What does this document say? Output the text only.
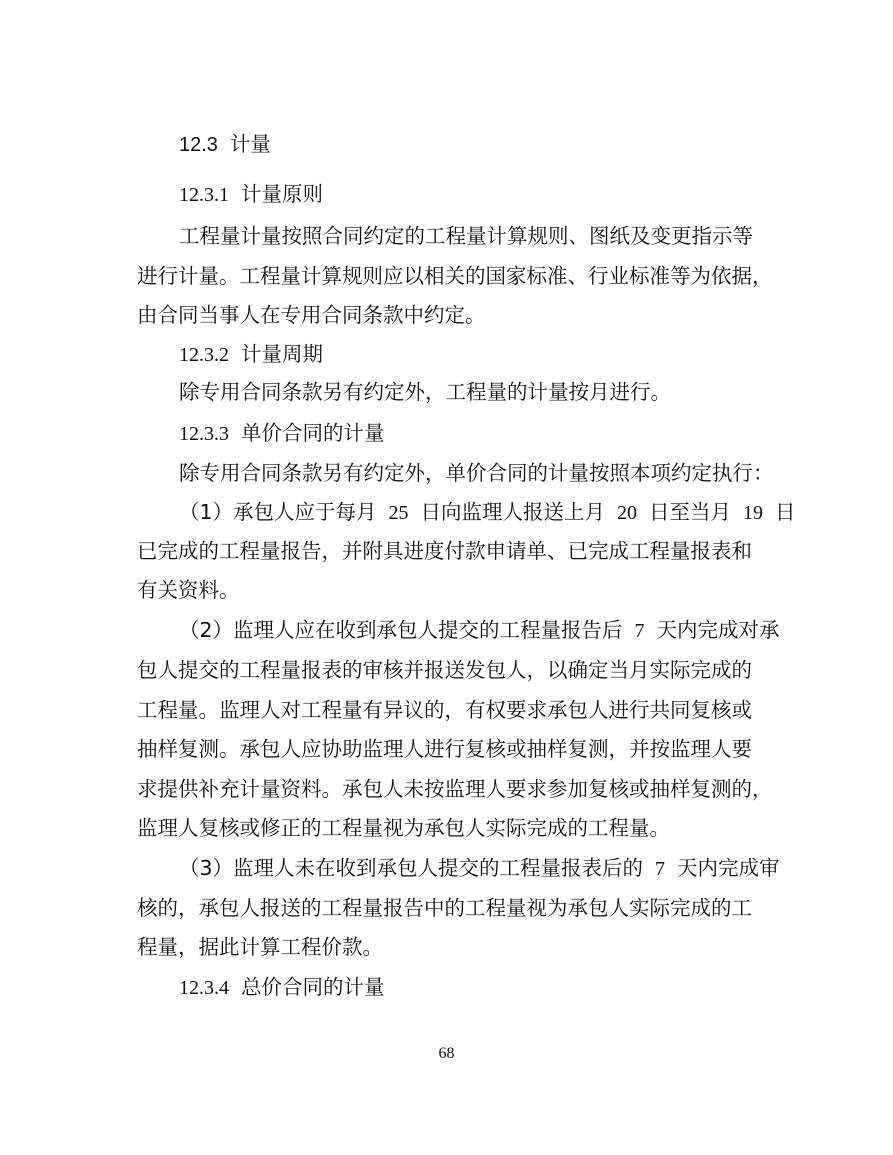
12.3 计量
12.3.1 计量原则
工程量计量按照合同约定的工程量计算规则、图纸及变更指示等
进行计量。工程量计算规则应以相关的国家标准、行业标准等为依据，
由合同当事人在专用合同条款中约定。
12.3.2 计量周期
除专用合同条款另有约定外，工程量的计量按月进行。
12.3.3 单价合同的计量
除专用合同条款另有约定外，单价合同的计量按照本项约定执行：
（1）承包人应于每月 25 日向监理人报送上月 20 日至当月 19 日
已完成的工程量报告，并附具进度付款申请单、已完成工程量报表和
有关资料。
（2）监理人应在收到承包人提交的工程量报告后 7 天内完成对承
包人提交的工程量报表的审核并报送发包人，以确定当月实际完成的
工程量。监理人对工程量有异议的，有权要求承包人进行共同复核或
抽样复测。承包人应协助监理人进行复核或抽样复测，并按监理人要
求提供补充计量资料。承包人未按监理人要求参加复核或抽样复测的，
监理人复核或修正的工程量视为承包人实际完成的工程量。
（3）监理人未在收到承包人提交的工程量报表后的 7 天内完成审
核的，承包人报送的工程量报告中的工程量视为承包人实际完成的工
程量，据此计算工程价款。
12.3.4 总价合同的计量
68
